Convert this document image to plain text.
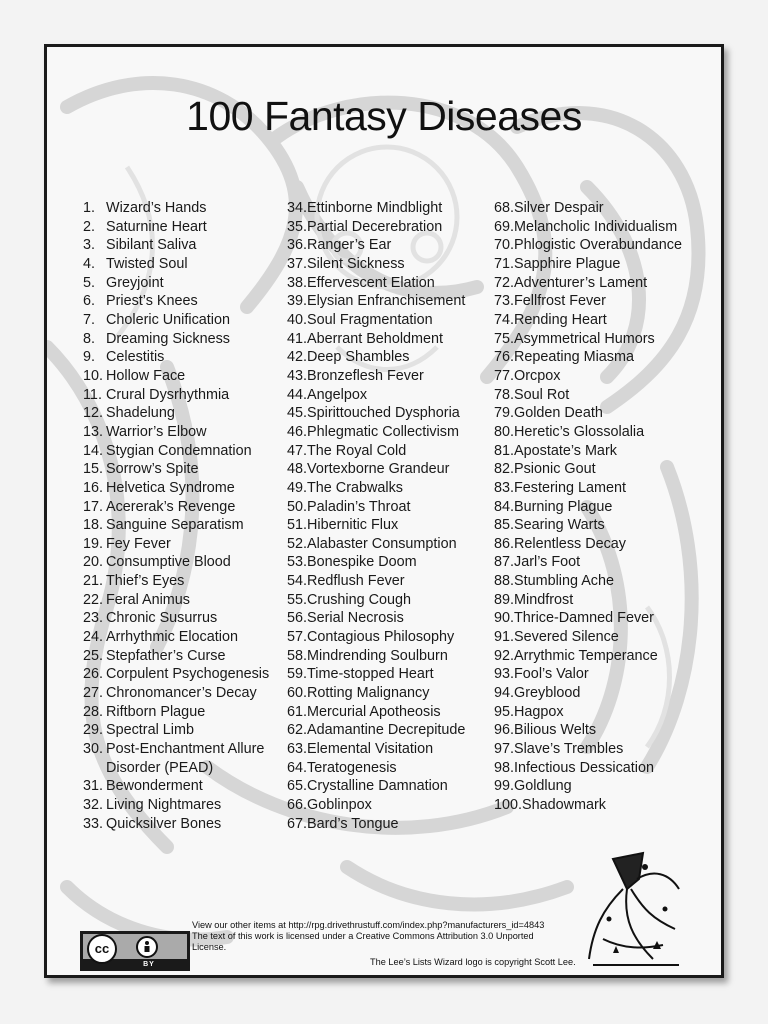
100 Fantasy Diseases
1. Wizard’s Hands
2. Saturnine Heart
3. Sibilant Saliva
4. Twisted Soul
5. Greyjoint
6. Priest’s Knees
7. Choleric Unification
8. Dreaming Sickness
9. Celestitis
10. Hollow Face
11. Crural Dysrhythmia
12. Shadelung
13. Warrior’s Elbow
14. Stygian Condemnation
15. Sorrow’s Spite
16. Helvetica Syndrome
17. Acererak’s Revenge
18. Sanguine Separatism
19. Fey Fever
20. Consumptive Blood
21. Thief’s Eyes
22. Feral Animus
23. Chronic Susurrus
24. Arrhythmic Elocation
25. Stepfather’s Curse
26. Corpulent Psychogenesis
27. Chronomancer’s Decay
28. Riftborn Plague
29. Spectral Limb
30. Post-Enchantment Allure
Disorder (PEAD)
31. Bewonderment
32. Living Nightmares
33. Quicksilver Bones
34. Ettinborne Mindblight
35. Partial Decerebration
36. Ranger’s Ear
37. Silent Sickness
38. Effervescent Elation
39. Elysian Enfranchisement
40. Soul Fragmentation
41. Aberrant Beholdment
42. Deep Shambles
43. Bronzeflesh Fever
44. Angelpox
45. Spirittouched Dysphoria
46. Phlegmatic Collectivism
47. The Royal Cold
48. Vortexborne Grandeur
49. The Crabwalks
50. Paladin’s Throat
51. Hibernitic Flux
52. Alabaster Consumption
53. Bonespike Doom
54. Redflush Fever
55. Crushing Cough
56. Serial Necrosis
57. Contagious Philosophy
58. Mindrending Soulburn
59. Time-stopped Heart
60. Rotting Malignancy
61. Mercurial Apotheosis
62. Adamantine Decrepitude
63. Elemental Visitation
64. Teratogenesis
65. Crystalline Damnation
66. Goblinpox
67. Bard’s Tongue
68. Silver Despair
69. Melancholic Individualism
70. Phlogistic Overabundance
71. Sapphire Plague
72. Adventurer’s Lament
73. Fellfrost Fever
74. Rending Heart
75. Asymmetrical Humors
76. Repeating Miasma
77. Orcpox
78. Soul Rot
79. Golden Death
80. Heretic’s Glossolalia
81. Apostate’s Mark
82. Psionic Gout
83. Festering Lament
84. Burning Plague
85. Searing Warts
86. Relentless Decay
87. Jarl’s Foot
88. Stumbling Ache
89. Mindfrost
90. Thrice-Damned Fever
91. Severed Silence
92. Arrythmic Temperance
93. Fool’s Valor
94. Greyblood
95. Hagpox
96. Bilious Welts
97. Slave’s Trembles
98. Infectious Dessication
99. Goldlung
100. Shadowmark
cc
BY
View our other items at http://rpg.drivethrustuff.com/index.php?manufacturers_id=4843
The text of this work is licensed under a Creative Commons Attribution 3.0 Unported
License.
The Lee’s Lists Wizard logo is copyright Scott Lee.
